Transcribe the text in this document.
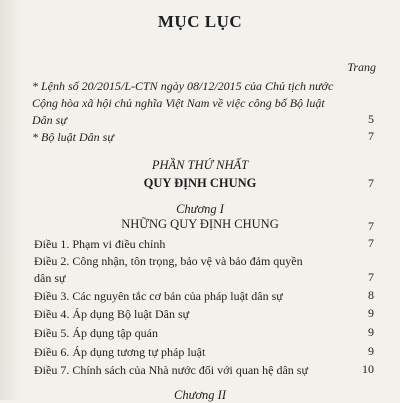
MỤC LỤC
Trang
* Lệnh số 20/2015/L-CTN ngày 08/12/2015 của Chủ tịch nước Cộng hòa xã hội chủ nghĩa Việt Nam về việc công bố Bộ luật Dân sự	5
* Bộ luật Dân sự	7
PHẦN THỨ NHẤT
QUY ĐỊNH CHUNG	7
Chương I
NHỮNG QUY ĐỊNH CHUNG	7
Điều 1. Phạm vi điều chỉnh	7
Điều 2. Công nhận, tôn trọng, bảo vệ và bảo đảm quyền dân sự	7
Điều 3. Các nguyên tắc cơ bản của pháp luật dân sự	8
Điều 4. Áp dụng Bộ luật Dân sự	9
Điều 5. Áp dụng tập quán	9
Điều 6. Áp dụng tương tự pháp luật	9
Điều 7. Chính sách của Nhà nước đối với quan hệ dân sự	10
Chương II
